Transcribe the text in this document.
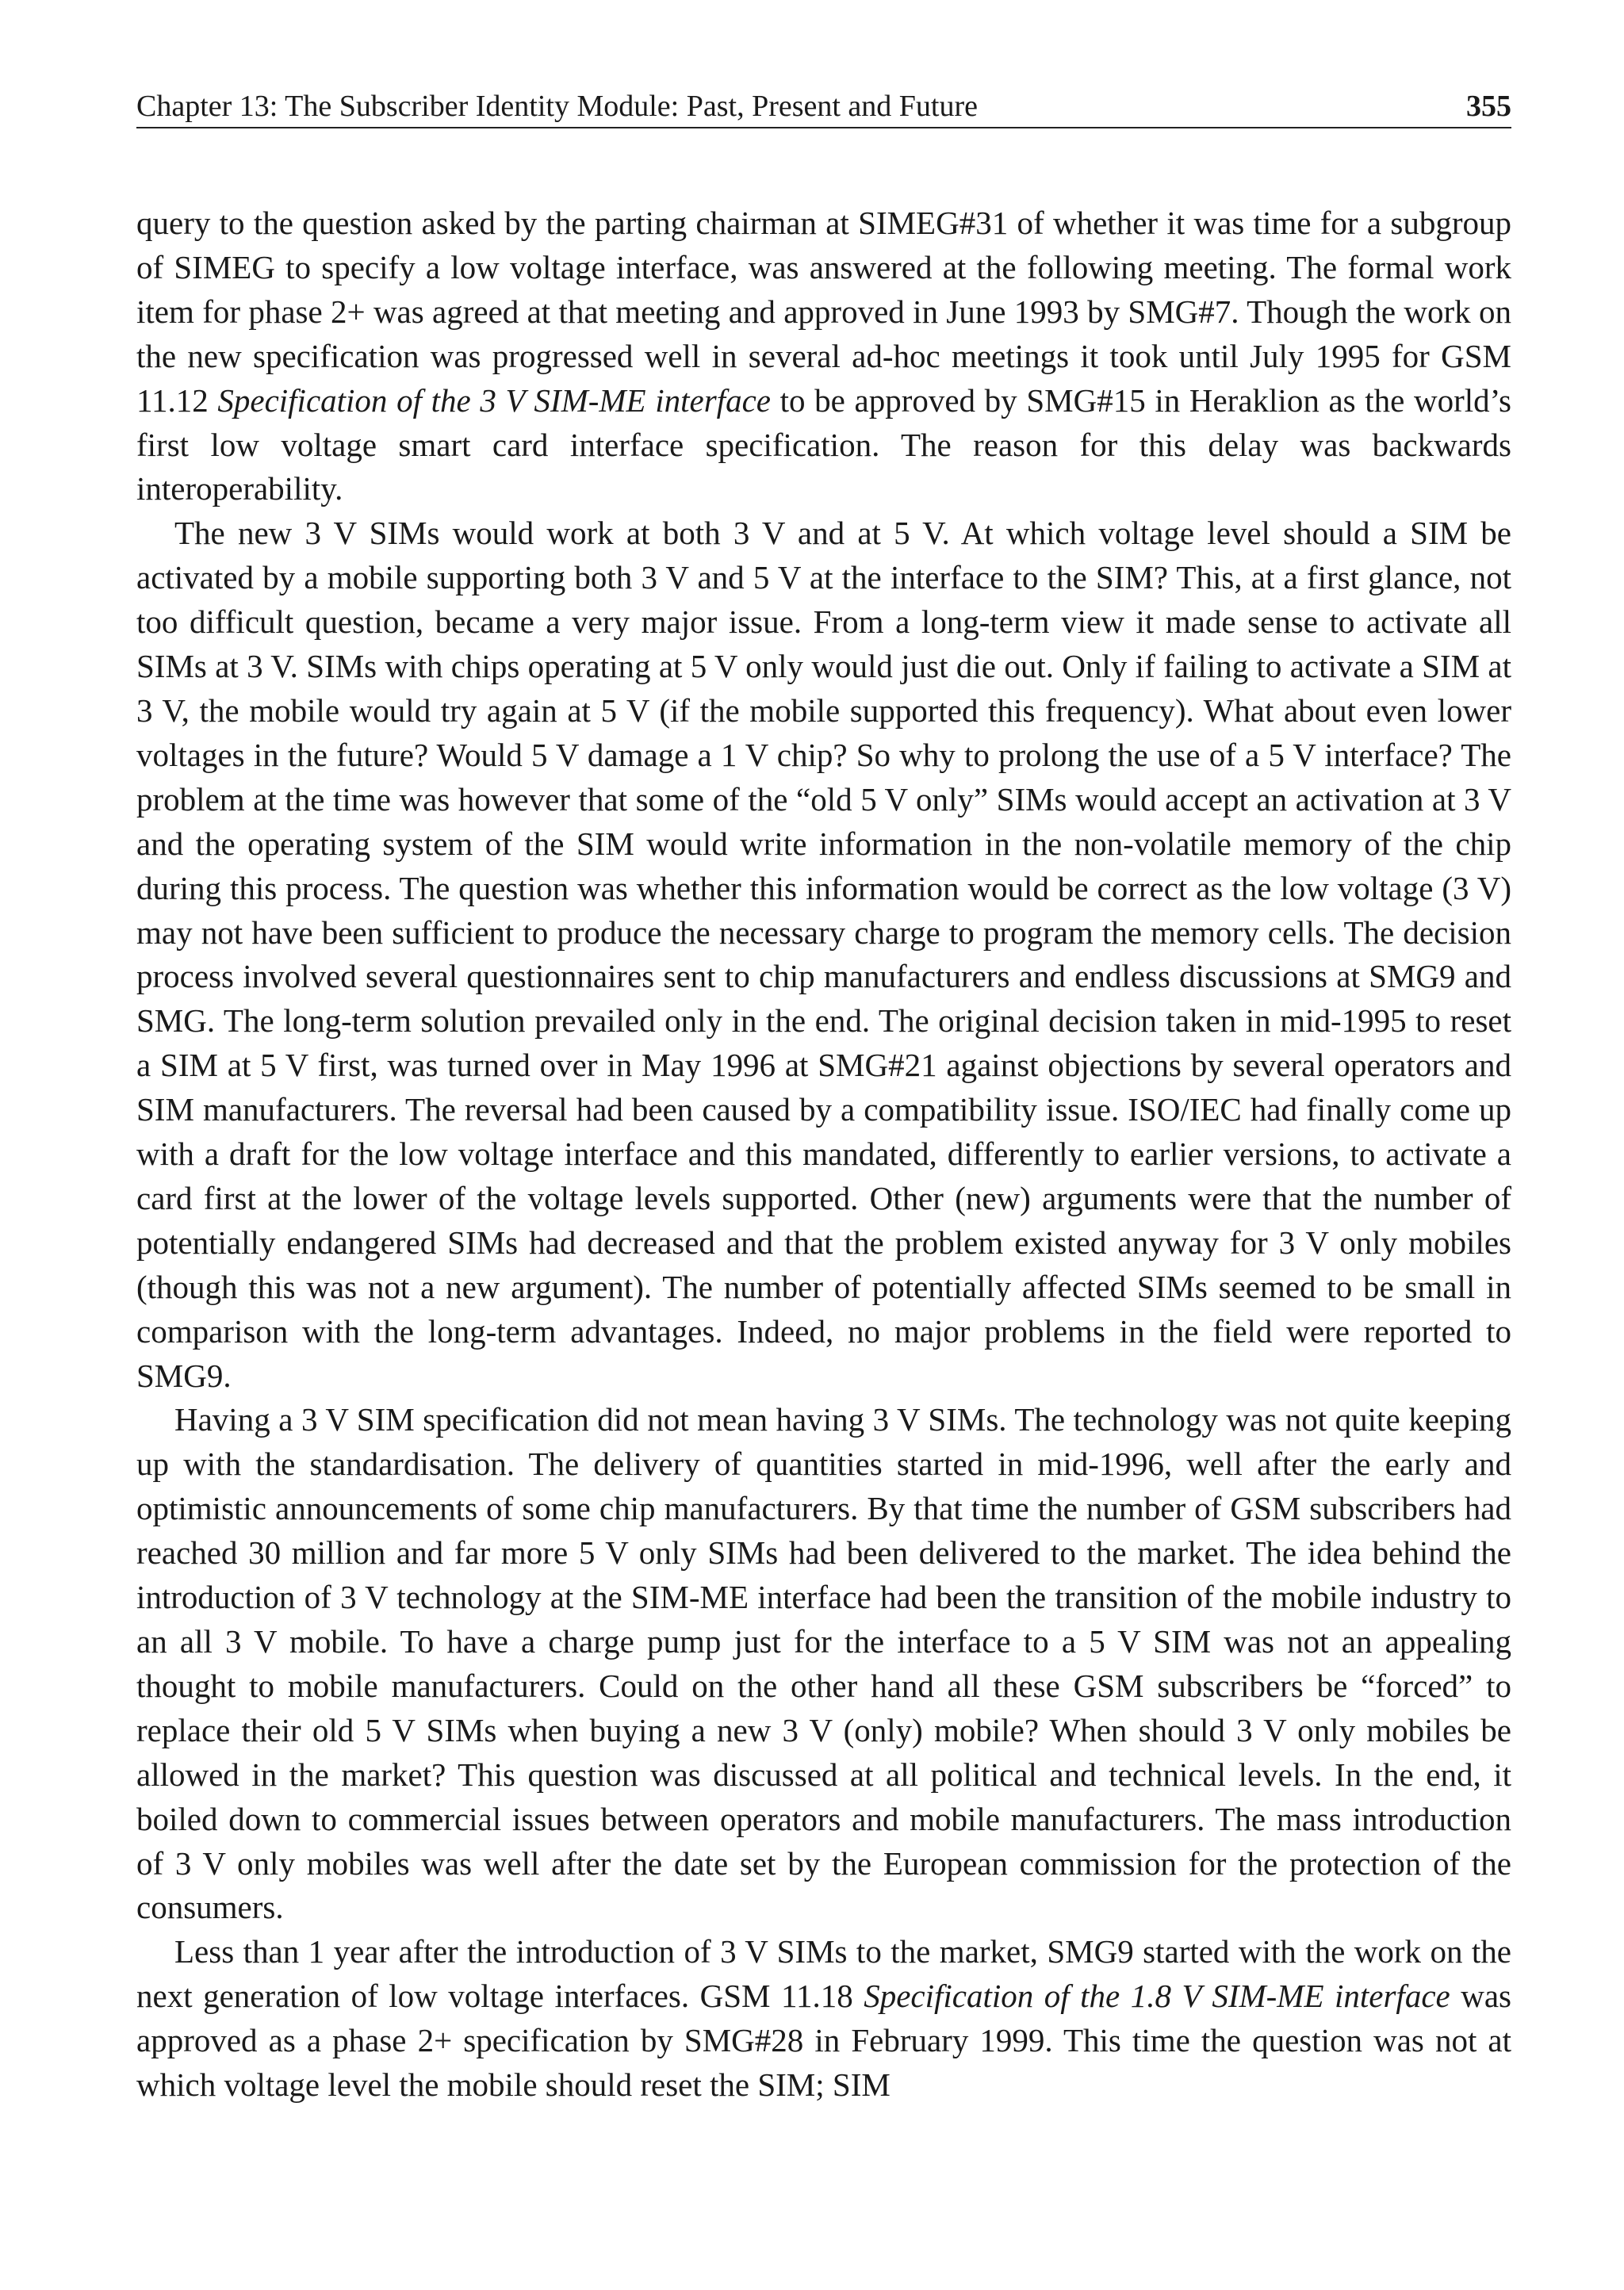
Chapter 13: The Subscriber Identity Module: Past, Present and Future	355

query to the question asked by the parting chairman at SIMEG#31 of whether it was time for a subgroup of SIMEG to specify a low voltage interface, was answered at the following meeting. The formal work item for phase 2+ was agreed at that meeting and approved in June 1993 by SMG#7. Though the work on the new specification was progressed well in several ad-hoc meetings it took until July 1995 for GSM 11.12 Specification of the 3 V SIM-ME interface to be approved by SMG#15 in Heraklion as the world’s first low voltage smart card interface specification. The reason for this delay was backwards interoperability.

The new 3 V SIMs would work at both 3 V and at 5 V. At which voltage level should a SIM be activated by a mobile supporting both 3 V and 5 V at the interface to the SIM? This, at a first glance, not too difficult question, became a very major issue. From a long-term view it made sense to activate all SIMs at 3 V. SIMs with chips operating at 5 V only would just die out. Only if failing to activate a SIM at 3 V, the mobile would try again at 5 V (if the mobile supported this frequency). What about even lower voltages in the future? Would 5 V damage a 1 V chip? So why to prolong the use of a 5 V interface? The problem at the time was however that some of the “old 5 V only” SIMs would accept an activation at 3 V and the operating system of the SIM would write information in the non-volatile memory of the chip during this process. The question was whether this information would be correct as the low voltage (3 V) may not have been sufficient to produce the necessary charge to program the memory cells. The decision process involved several questionnaires sent to chip manufacturers and endless discussions at SMG9 and SMG. The long-term solution prevailed only in the end. The original decision taken in mid-1995 to reset a SIM at 5 V first, was turned over in May 1996 at SMG#21 against objections by several operators and SIM manufacturers. The reversal had been caused by a compatibility issue. ISO/IEC had finally come up with a draft for the low voltage interface and this mandated, differently to earlier versions, to activate a card first at the lower of the voltage levels supported. Other (new) arguments were that the number of potentially endangered SIMs had decreased and that the problem existed anyway for 3 V only mobiles (though this was not a new argument). The number of potentially affected SIMs seemed to be small in comparison with the long-term advantages. Indeed, no major problems in the field were reported to SMG9.

Having a 3 V SIM specification did not mean having 3 V SIMs. The technology was not quite keeping up with the standardisation. The delivery of quantities started in mid-1996, well after the early and optimistic announcements of some chip manufacturers. By that time the number of GSM subscribers had reached 30 million and far more 5 V only SIMs had been delivered to the market. The idea behind the introduction of 3 V technology at the SIM-ME interface had been the transition of the mobile industry to an all 3 V mobile. To have a charge pump just for the interface to a 5 V SIM was not an appealing thought to mobile manufacturers. Could on the other hand all these GSM subscribers be “forced” to replace their old 5 V SIMs when buying a new 3 V (only) mobile? When should 3 V only mobiles be allowed in the market? This question was discussed at all political and technical levels. In the end, it boiled down to commercial issues between operators and mobile manufacturers. The mass introduction of 3 V only mobiles was well after the date set by the European commission for the protection of the consumers.

Less than 1 year after the introduction of 3 V SIMs to the market, SMG9 started with the work on the next generation of low voltage interfaces. GSM 11.18 Specification of the 1.8 V SIM-ME interface was approved as a phase 2+ specification by SMG#28 in February 1999. This time the question was not at which voltage level the mobile should reset the SIM; SIM
